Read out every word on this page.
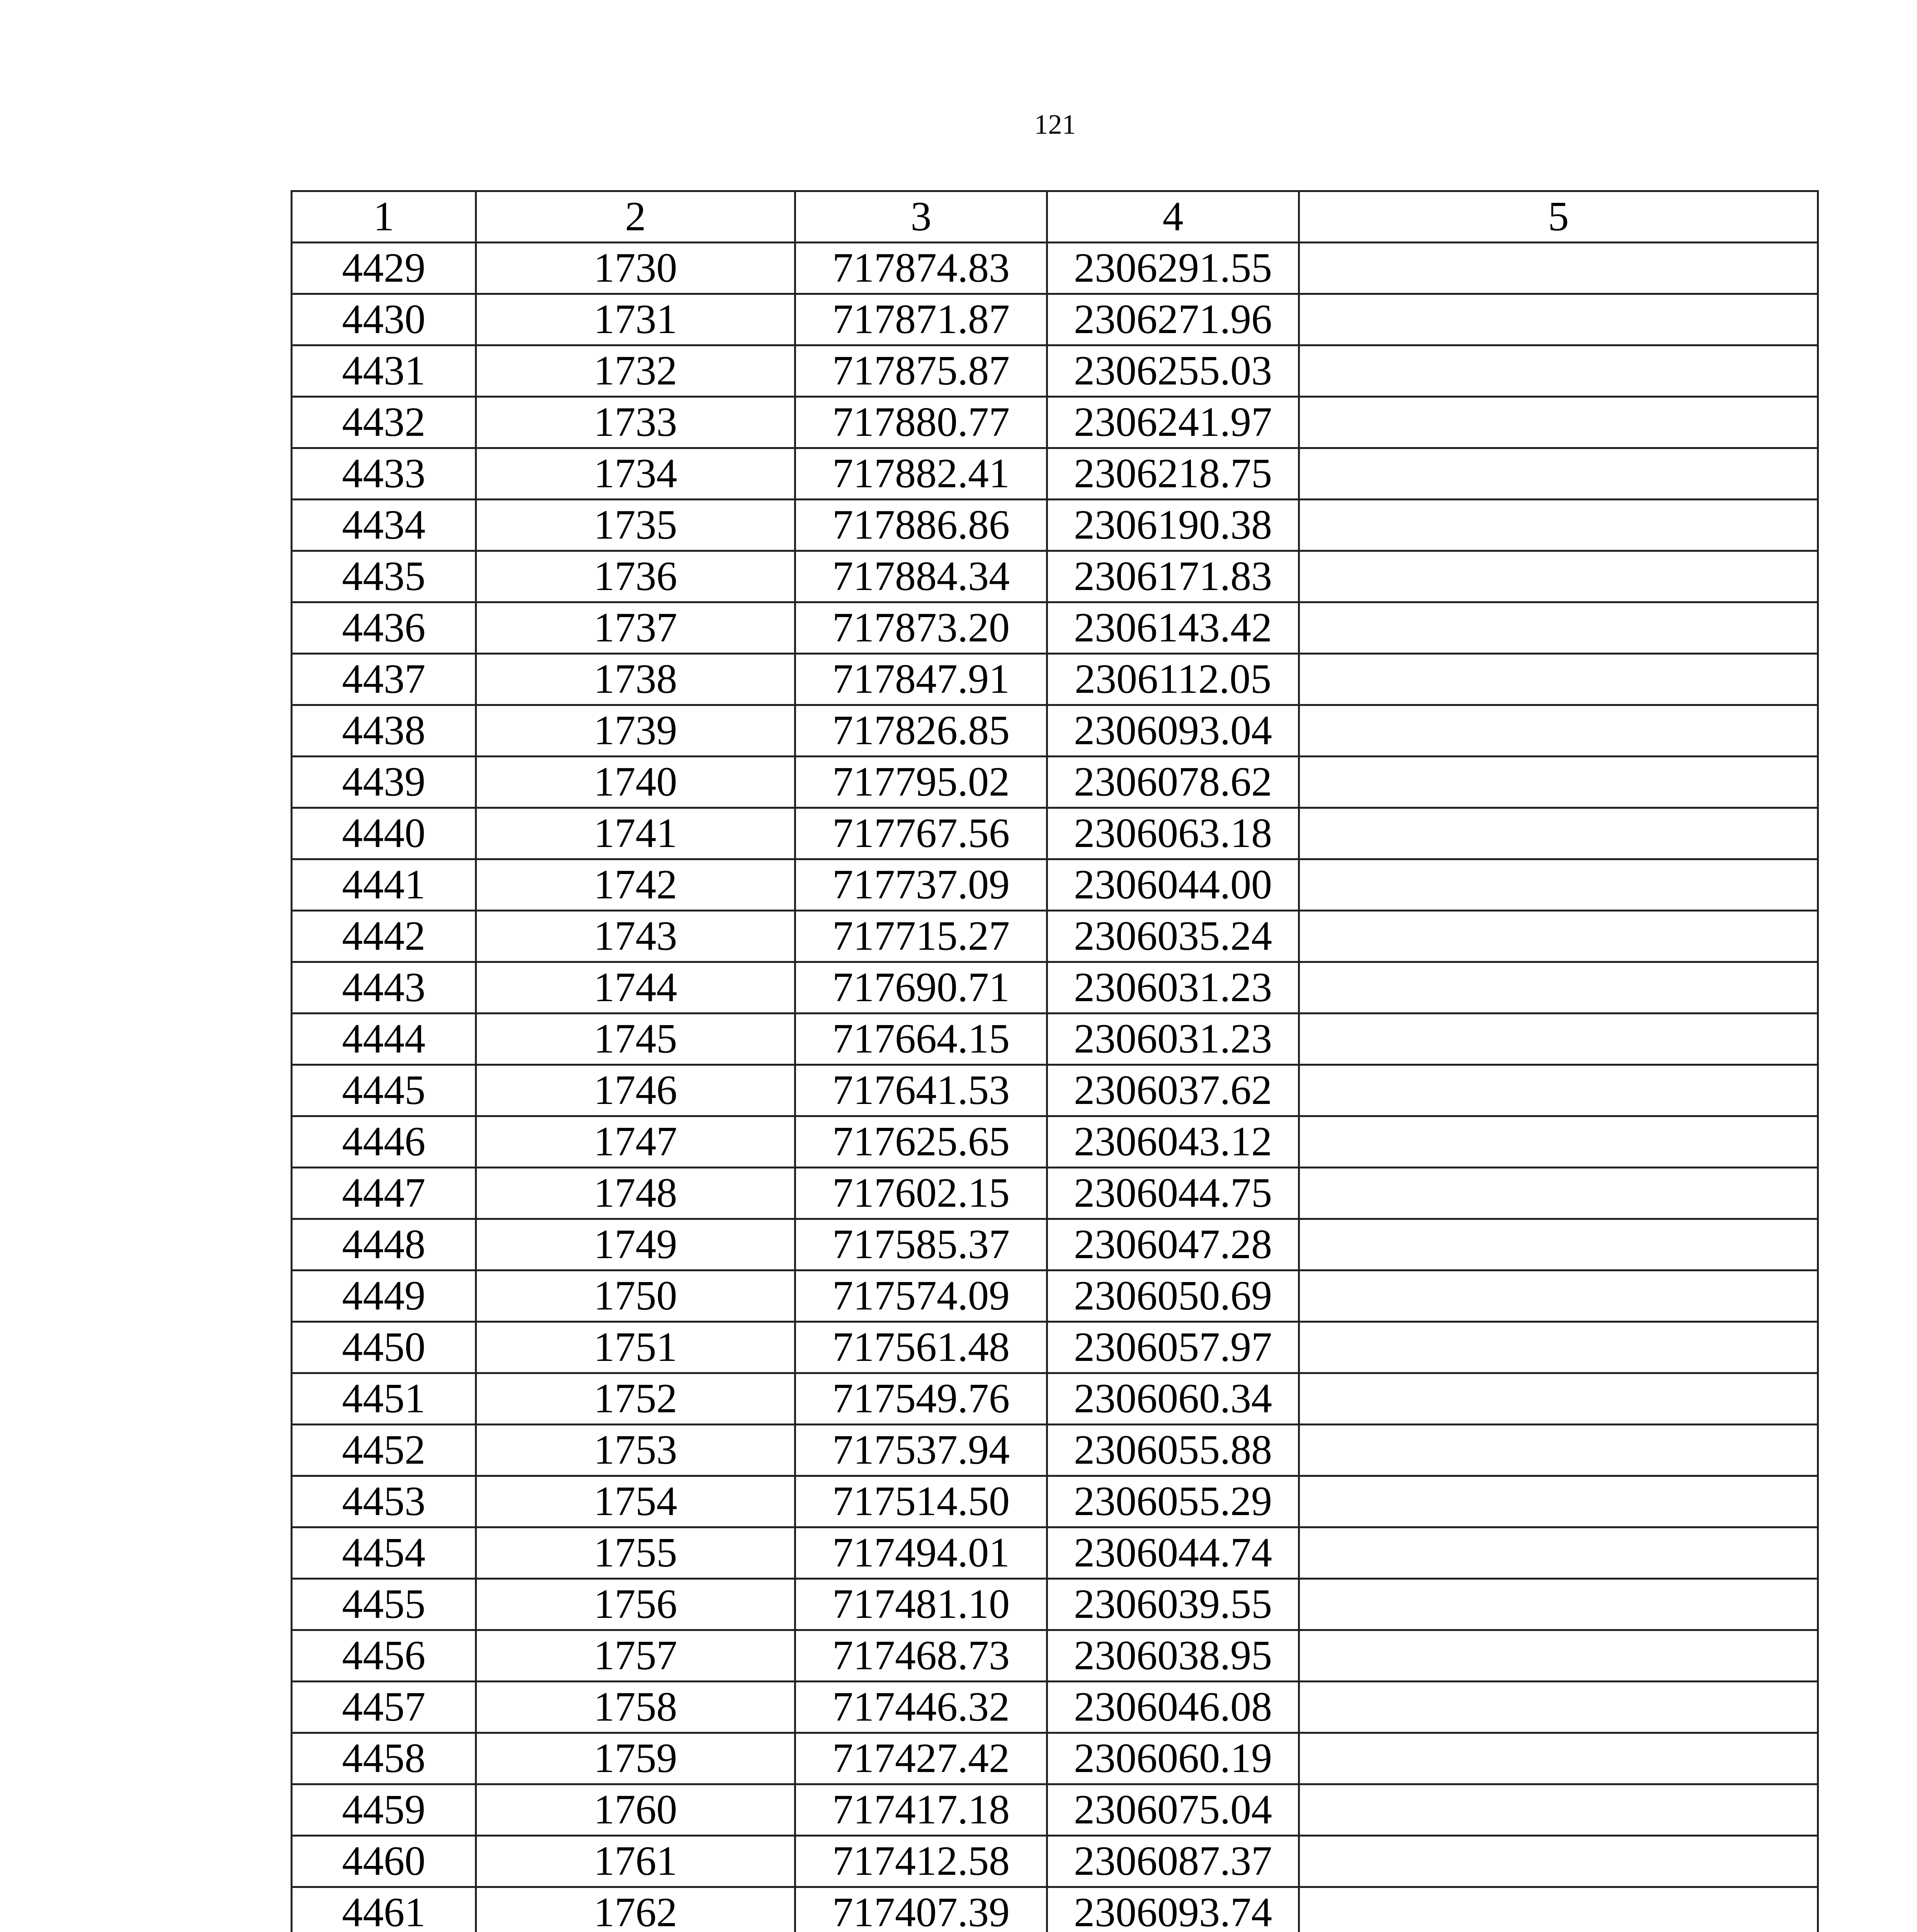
121
1	2	3	4	5
4429	1730	717874.83	2306291.55	
4430	1731	717871.87	2306271.96	
4431	1732	717875.87	2306255.03	
4432	1733	717880.77	2306241.97	
4433	1734	717882.41	2306218.75	
4434	1735	717886.86	2306190.38	
4435	1736	717884.34	2306171.83	
4436	1737	717873.20	2306143.42	
4437	1738	717847.91	2306112.05	
4438	1739	717826.85	2306093.04	
4439	1740	717795.02	2306078.62	
4440	1741	717767.56	2306063.18	
4441	1742	717737.09	2306044.00	
4442	1743	717715.27	2306035.24	
4443	1744	717690.71	2306031.23	
4444	1745	717664.15	2306031.23	
4445	1746	717641.53	2306037.62	
4446	1747	717625.65	2306043.12	
4447	1748	717602.15	2306044.75	
4448	1749	717585.37	2306047.28	
4449	1750	717574.09	2306050.69	
4450	1751	717561.48	2306057.97	
4451	1752	717549.76	2306060.34	
4452	1753	717537.94	2306055.88	
4453	1754	717514.50	2306055.29	
4454	1755	717494.01	2306044.74	
4455	1756	717481.10	2306039.55	
4456	1757	717468.73	2306038.95	
4457	1758	717446.32	2306046.08	
4458	1759	717427.42	2306060.19	
4459	1760	717417.18	2306075.04	
4460	1761	717412.58	2306087.37	
4461	1762	717407.39	2306093.74	
